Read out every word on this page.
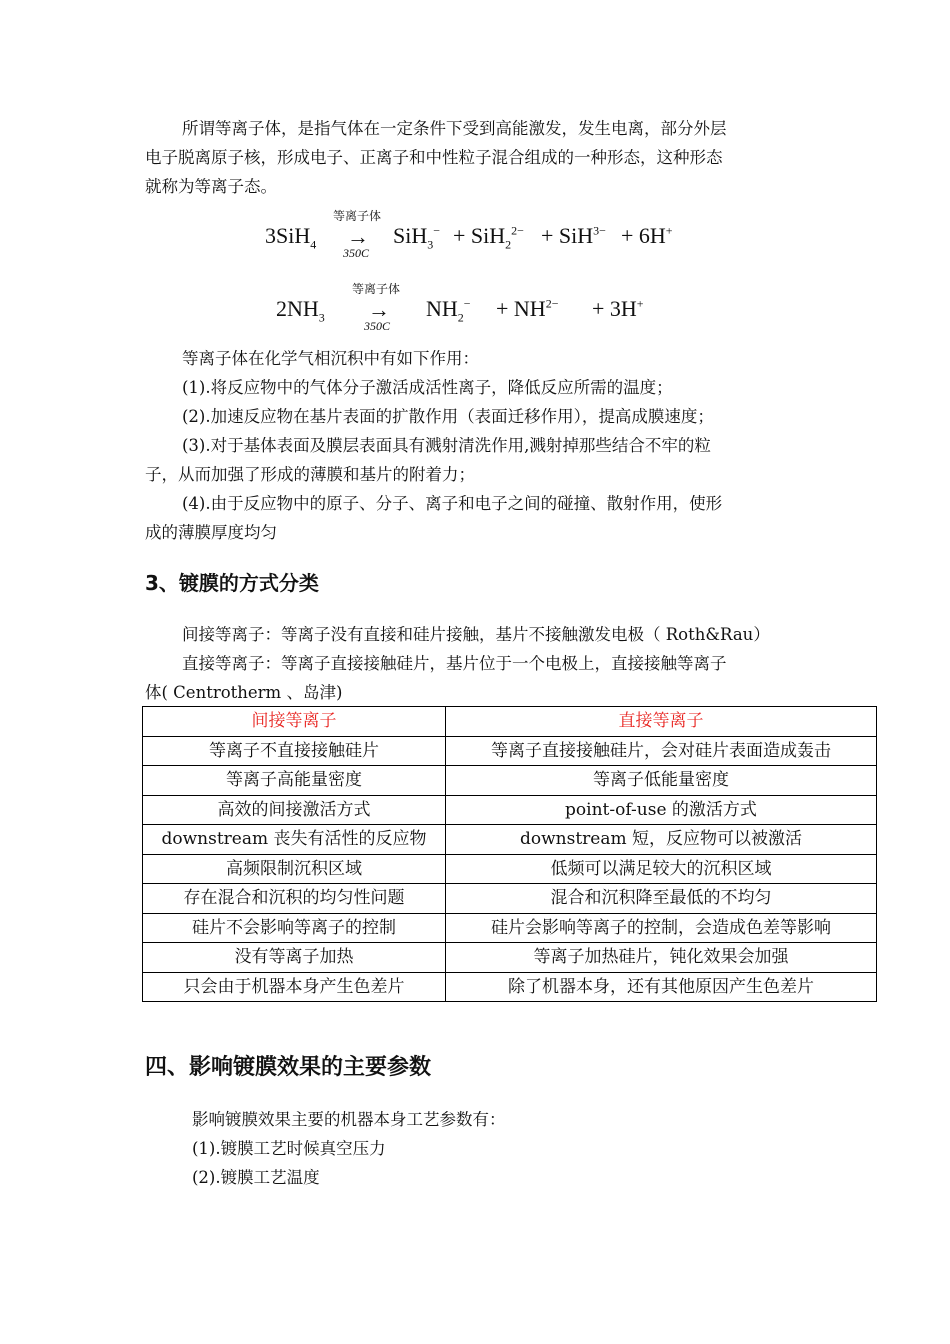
所谓等离子体，是指气体在一定条件下受到高能激发，发生电离，部分外层
电子脱离原子核，形成电子、正离子和中性粒子混合组成的一种形态，这种形态
就称为等离子态。
等离子体
3SiH$_4$ →
350C
SiH$_3$− + SiH$_2^{2-}$ + SiH$^{3-}$ + 6H+
等离子体
$2NH_3$ →
350C
$NH_2^- + NH^{2-} + 3H^+$
等离子体在化学气相沉积中有如下作用：
(1).将反应物中的气体分子激活成活性离子，降低反应所需的温度；
(2).加速反应物在基片表面的扩散作用（表面迁移作用），提高成膜速度；
(3).对于基体表面及膜层表面具有溅射清洗作用,溅射掉那些结合不牢的粒
子，从而加强了形成的薄膜和基片的附着力；
(4).由于反应物中的原子、分子、离子和电子之间的碰撞、散射作用，使形
成的薄膜厚度均匀
3、镀膜的方式分类
间接等离子：等离子没有直接和硅片接触，基片不接触激发电极（ Roth&Rau）
直接等离子：等离子直接接触硅片，基片位于一个电极上，直接接触等离子
体( Centrotherm 、岛津)
间接等离子	直接等离子
等离子不直接接触硅片	等离子直接接触硅片，会对硅片表面造成轰击
等离子高能量密度	等离子低能量密度
高效的间接激活方式	point-of-use 的激活方式
downstream 丧失有活性的反应物	downstream 短，反应物可以被激活
高频限制沉积区域	低频可以满足较大的沉积区域
存在混合和沉积的均匀性问题	混合和沉积降至最低的不均匀
硅片不会影响等离子的控制	硅片会影响等离子的控制，会造成色差等影响
没有等离子加热	等离子加热硅片，钝化效果会加强
只会由于机器本身产生色差片	除了机器本身，还有其他原因产生色差片
四、影响镀膜效果的主要参数
影响镀膜效果主要的机器本身工艺参数有：
(1).镀膜工艺时候真空压力
(2).镀膜工艺温度
